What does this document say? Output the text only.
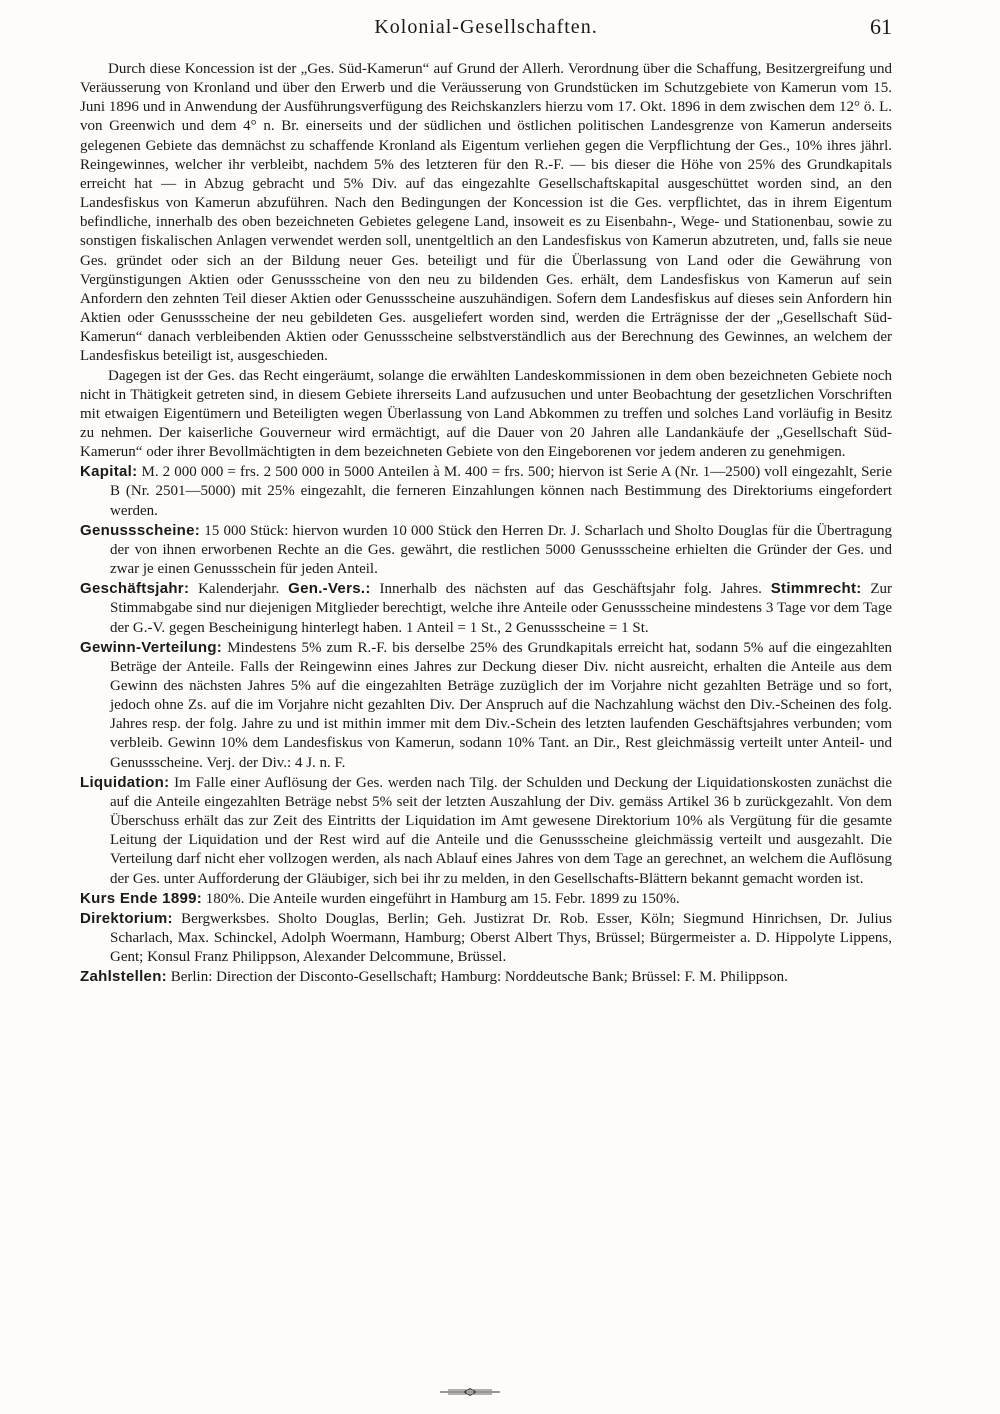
Kolonial-Gesellschaften.	61

Durch diese Koncession ist der „Ges. Süd-Kamerun“ auf Grund der Allerh. Verordnung über die Schaffung, Besitzergreifung und Veräusserung von Kronland und über den Erwerb und die Veräusserung von Grundstücken im Schutzgebiete von Kamerun vom 15. Juni 1896 und in Anwendung der Ausführungsverfügung des Reichskanzlers hierzu vom 17. Okt. 1896 in dem zwischen dem 12° ö. L. von Greenwich und dem 4° n. Br. einerseits und der südlichen und östlichen politischen Landesgrenze von Kamerun anderseits gelegenen Gebiete das demnächst zu schaffende Kronland als Eigentum verliehen gegen die Verpflichtung der Ges., 10% ihres jährl. Reingewinnes, welcher ihr verbleibt, nachdem 5% des letzteren für den R.-F. — bis dieser die Höhe von 25% des Grundkapitals erreicht hat — in Abzug gebracht und 5% Div. auf das eingezahlte Gesellschaftskapital ausgeschüttet worden sind, an den Landesfiskus von Kamerun abzuführen. Nach den Bedingungen der Koncession ist die Ges. verpflichtet, das in ihrem Eigentum befindliche, innerhalb des oben bezeichneten Gebietes gelegene Land, insoweit es zu Eisenbahn-, Wege- und Stationenbau, sowie zu sonstigen fiskalischen Anlagen verwendet werden soll, unentgeltlich an den Landesfiskus von Kamerun abzutreten, und, falls sie neue Ges. gründet oder sich an der Bildung neuer Ges. beteiligt und für die Überlassung von Land oder die Gewährung von Vergünstigungen Aktien oder Genussscheine von den neu zu bildenden Ges. erhält, dem Landesfiskus von Kamerun auf sein Anfordern den zehnten Teil dieser Aktien oder Genussscheine auszuhändigen. Sofern dem Landesfiskus auf dieses sein Anfordern hin Aktien oder Genussscheine der neu gebildeten Ges. ausgeliefert worden sind, werden die Erträgnisse der der „Gesellschaft Süd-Kamerun“ danach verbleibenden Aktien oder Genussscheine selbstverständlich aus der Berechnung des Gewinnes, an welchem der Landesfiskus beteiligt ist, ausgeschieden.

Dagegen ist der Ges. das Recht eingeräumt, solange die erwählten Landeskommissionen in dem oben bezeichneten Gebiete noch nicht in Thätigkeit getreten sind, in diesem Gebiete ihrerseits Land aufzusuchen und unter Beobachtung der gesetzlichen Vorschriften mit etwaigen Eigentümern und Beteiligten wegen Überlassung von Land Abkommen zu treffen und solches Land vorläufig in Besitz zu nehmen. Der kaiserliche Gouverneur wird ermächtigt, auf die Dauer von 20 Jahren alle Landankäufe der „Gesellschaft Süd-Kamerun“ oder ihrer Bevollmächtigten in dem bezeichneten Gebiete von den Eingeborenen vor jedem anderen zu genehmigen.

Kapital: M. 2 000 000 = frs. 2 500 000 in 5000 Anteilen à M. 400 = frs. 500; hiervon ist Serie A (Nr. 1—2500) voll eingezahlt, Serie B (Nr. 2501—5000) mit 25% eingezahlt, die ferneren Einzahlungen können nach Bestimmung des Direktoriums eingefordert werden.
Genussscheine: 15 000 Stück: hiervon wurden 10 000 Stück den Herren Dr. J. Scharlach und Sholto Douglas für die Übertragung der von ihnen erworbenen Rechte an die Ges. gewährt, die restlichen 5000 Genussscheine erhielten die Gründer der Ges. und zwar je einen Genussschein für jeden Anteil.
Geschäftsjahr: Kalenderjahr. Gen.-Vers.: Innerhalb des nächsten auf das Geschäftsjahr folg. Jahres. Stimmrecht: Zur Stimmabgabe sind nur diejenigen Mitglieder berechtigt, welche ihre Anteile oder Genussscheine mindestens 3 Tage vor dem Tage der G.-V. gegen Bescheinigung hinterlegt haben. 1 Anteil = 1 St., 2 Genussscheine = 1 St.
Gewinn-Verteilung: Mindestens 5% zum R.-F. bis derselbe 25% des Grundkapitals erreicht hat, sodann 5% auf die eingezahlten Beträge der Anteile. Falls der Reingewinn eines Jahres zur Deckung dieser Div. nicht ausreicht, erhalten die Anteile aus dem Gewinn des nächsten Jahres 5% auf die eingezahlten Beträge zuzüglich der im Vorjahre nicht gezahlten Beträge und so fort, jedoch ohne Zs. auf die im Vorjahre nicht gezahlten Div. Der Anspruch auf die Nachzahlung wächst den Div.-Scheinen des folg. Jahres resp. der folg. Jahre zu und ist mithin immer mit dem Div.-Schein des letzten laufenden Geschäftsjahres verbunden; vom verbleib. Gewinn 10% dem Landesfiskus von Kamerun, sodann 10% Tant. an Dir., Rest gleichmässig verteilt unter Anteil- und Genussscheine. Verj. der Div.: 4 J. n. F.
Liquidation: Im Falle einer Auflösung der Ges. werden nach Tilg. der Schulden und Deckung der Liquidationskosten zunächst die auf die Anteile eingezahlten Beträge nebst 5% seit der letzten Auszahlung der Div. gemäss Artikel 36 b zurückgezahlt. Von dem Überschuss erhält das zur Zeit des Eintritts der Liquidation im Amt gewesene Direktorium 10% als Vergütung für die gesamte Leitung der Liquidation und der Rest wird auf die Anteile und die Genussscheine gleichmässig verteilt und ausgezahlt. Die Verteilung darf nicht eher vollzogen werden, als nach Ablauf eines Jahres von dem Tage an gerechnet, an welchem die Auflösung der Ges. unter Aufforderung der Gläubiger, sich bei ihr zu melden, in den Gesellschafts-Blättern bekannt gemacht worden ist.
Kurs Ende 1899: 180%. Die Anteile wurden eingeführt in Hamburg am 15. Febr. 1899 zu 150%.
Direktorium: Bergwerksbes. Sholto Douglas, Berlin; Geh. Justizrat Dr. Rob. Esser, Köln; Siegmund Hinrichsen, Dr. Julius Scharlach, Max. Schinckel, Adolph Woermann, Hamburg; Oberst Albert Thys, Brüssel; Bürgermeister a. D. Hippolyte Lippens, Gent; Konsul Franz Philippson, Alexander Delcommune, Brüssel.
Zahlstellen: Berlin: Direction der Disconto-Gesellschaft; Hamburg: Norddeutsche Bank; Brüssel: F. M. Philippson.
